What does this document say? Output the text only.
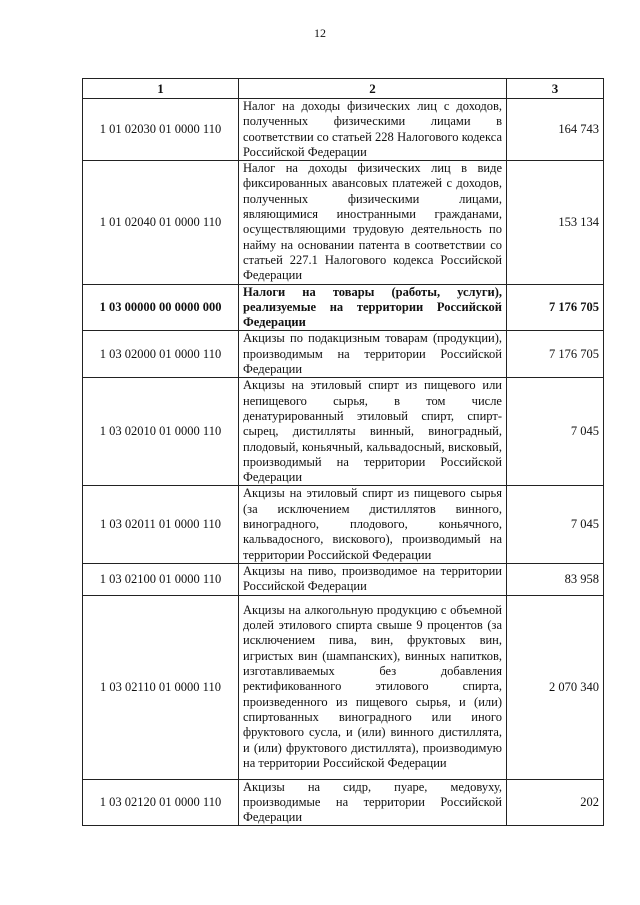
12
1	2	3
1 01 02030 01 0000 110	Налог на доходы физических лиц с доходов, полученных физическими лицами в соответствии со статьей 228 Налогового кодекса Российской Федерации	164 743
1 01 02040 01 0000 110	Налог на доходы физических лиц в виде фиксированных авансовых платежей с доходов, полученных физическими лицами, являющимися иностранными гражданами, осуществляющими трудовую деятельность по найму на основании патента в соответствии со статьей 227.1 Налогового кодекса Российской Федерации	153 134
1 03 00000 00 0000 000	Налоги на товары (работы, услуги), реализуемые на территории Российской Федерации	7 176 705
1 03 02000 01 0000 110	Акцизы по подакцизным товарам (продукции), производимым на территории Российской Федерации	7 176 705
1 03 02010 01 0000 110	Акцизы на этиловый спирт из пищевого или непищевого сырья, в том числе денатурированный этиловый спирт, спирт-сырец, дистилляты винный, виноградный, плодовый, коньячный, кальвадосный, висковый, производимый на территории Российской Федерации	7 045
1 03 02011 01 0000 110	Акцизы на этиловый спирт из пищевого сырья (за исключением дистиллятов винного, виноградного, плодового, коньячного, кальвадосного, вискового), производимый на территории Российской Федерации	7 045
1 03 02100 01 0000 110	Акцизы на пиво, производимое на территории Российской Федерации	83 958
1 03 02110 01 0000 110	Акцизы на алкогольную продукцию с объемной долей этилового спирта свыше 9 процентов (за исключением пива, вин, фруктовых вин, игристых вин (шампанских), винных напитков, изготавливаемых без добавления ректификованного этилового спирта, произведенного из пищевого сырья, и (или) спиртованных виноградного или иного фруктового сусла, и (или) винного дистиллята, и (или) фруктового дистиллята), производимую на территории Российской Федерации	2 070 340
1 03 02120 01 0000 110	Акцизы на сидр, пуаре, медовуху, производимые на территории Российской Федерации	202
